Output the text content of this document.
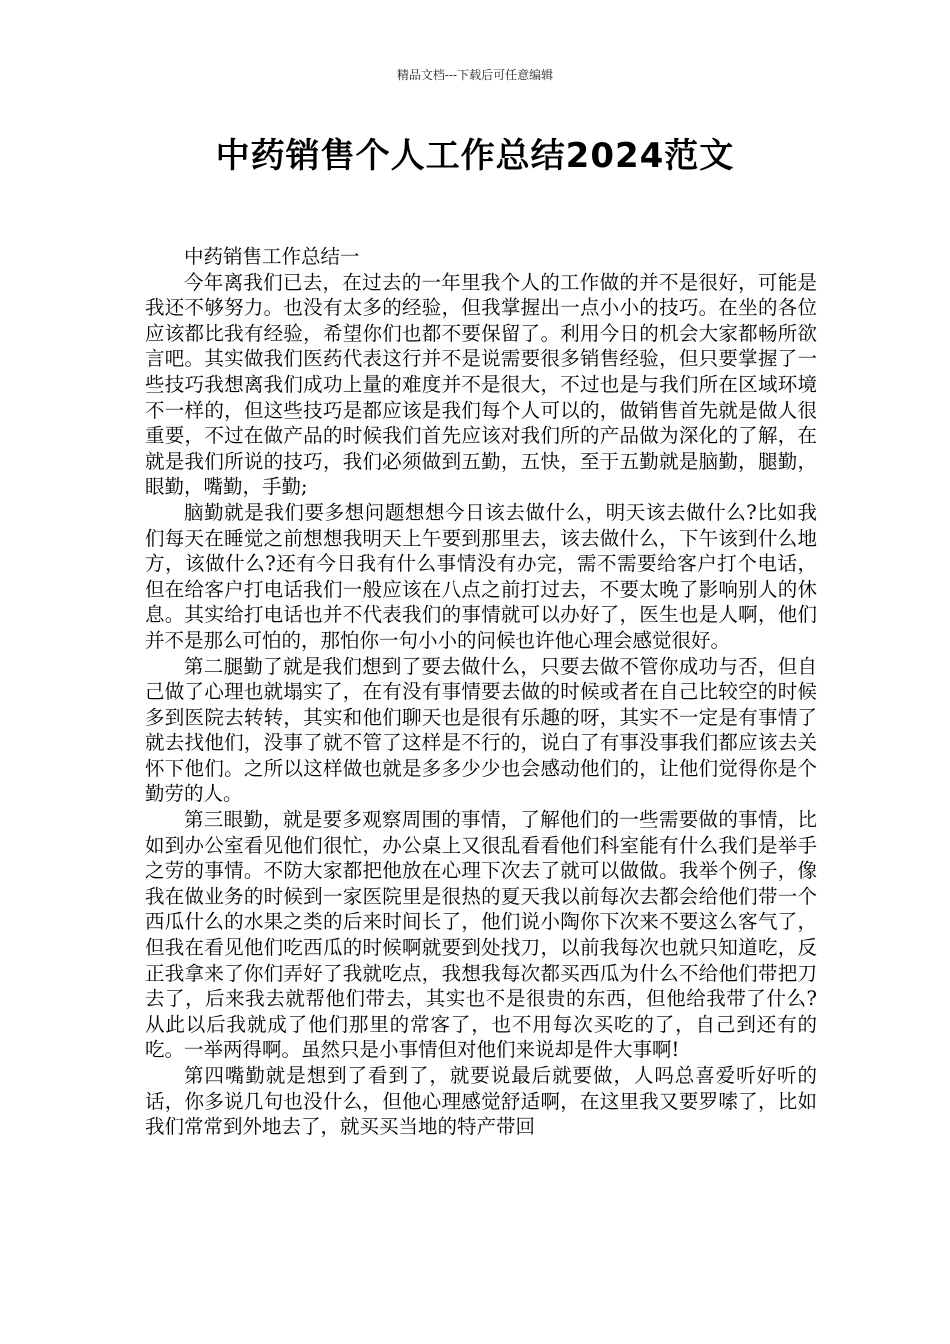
精品文档---下载后可任意编辑
中药销售个人工作总结2024范文

中药销售工作总结一

今年离我们已去，在过去的一年里我个人的工作做的并不是很好，可能是我还不够努力。也没有太多的经验，但我掌握出一点小小的技巧。在坐的各位应该都比我有经验，希望你们也都不要保留了。利用今日的机会大家都畅所欲言吧。其实做我们医药代表这行并不是说需要很多销售经验，但只要掌握了一些技巧我想离我们成功上量的难度并不是很大，不过也是与我们所在区域环境不一样的，但这些技巧是都应该是我们每个人可以的，做销售首先就是做人很重要，不过在做产品的时候我们首先应该对我们所的产品做为深化的了解，在就是我们所说的技巧，我们必须做到五勤，五快，至于五勤就是脑勤，腿勤，眼勤，嘴勤，手勤;

脑勤就是我们要多想问题想想今日该去做什么，明天该去做什么?比如我们每天在睡觉之前想想我明天上午要到那里去，该去做什么，下午该到什么地方，该做什么?还有今日我有什么事情没有办完，需不需要给客户打个电话，但在给客户打电话我们一般应该在八点之前打过去，不要太晚了影响别人的休息。其实给打电话也并不代表我们的事情就可以办好了，医生也是人啊，他们并不是那么可怕的，那怕你一句小小的问候也许他心理会感觉很好。

第二腿勤了就是我们想到了要去做什么，只要去做不管你成功与否，但自己做了心理也就塌实了，在有没有事情要去做的时候或者在自己比较空的时候多到医院去转转，其实和他们聊天也是很有乐趣的呀，其实不一定是有事情了就去找他们，没事了就不管了这样是不行的，说白了有事没事我们都应该去关怀下他们。之所以这样做也就是多多少少也会感动他们的，让他们觉得你是个勤劳的人。

第三眼勤，就是要多观察周围的事情，了解他们的一些需要做的事情，比如到办公室看见他们很忙，办公桌上又很乱看看他们科室能有什么我们是举手之劳的事情。不防大家都把他放在心理下次去了就可以做做。我举个例子，像我在做业务的时候到一家医院里是很热的夏天我以前每次去都会给他们带一个西瓜什么的水果之类的后来时间长了，他们说小陶你下次来不要这么客气了，但我在看见他们吃西瓜的时候啊就要到处找刀，以前我每次也就只知道吃，反正我拿来了你们弄好了我就吃点，我想我每次都买西瓜为什么不给他们带把刀去了，后来我去就帮他们带去，其实也不是很贵的东西，但他给我带了什么?从此以后我就成了他们那里的常客了，也不用每次买吃的了，自己到还有的吃。一举两得啊。虽然只是小事情但对他们来说却是件大事啊!

第四嘴勤就是想到了看到了，就要说最后就要做，人吗总喜爱听好听的话，你多说几句也没什么，但他心理感觉舒适啊，在这里我又要罗嗦了，比如我们常常到外地去了，就买买当地的特产带回
